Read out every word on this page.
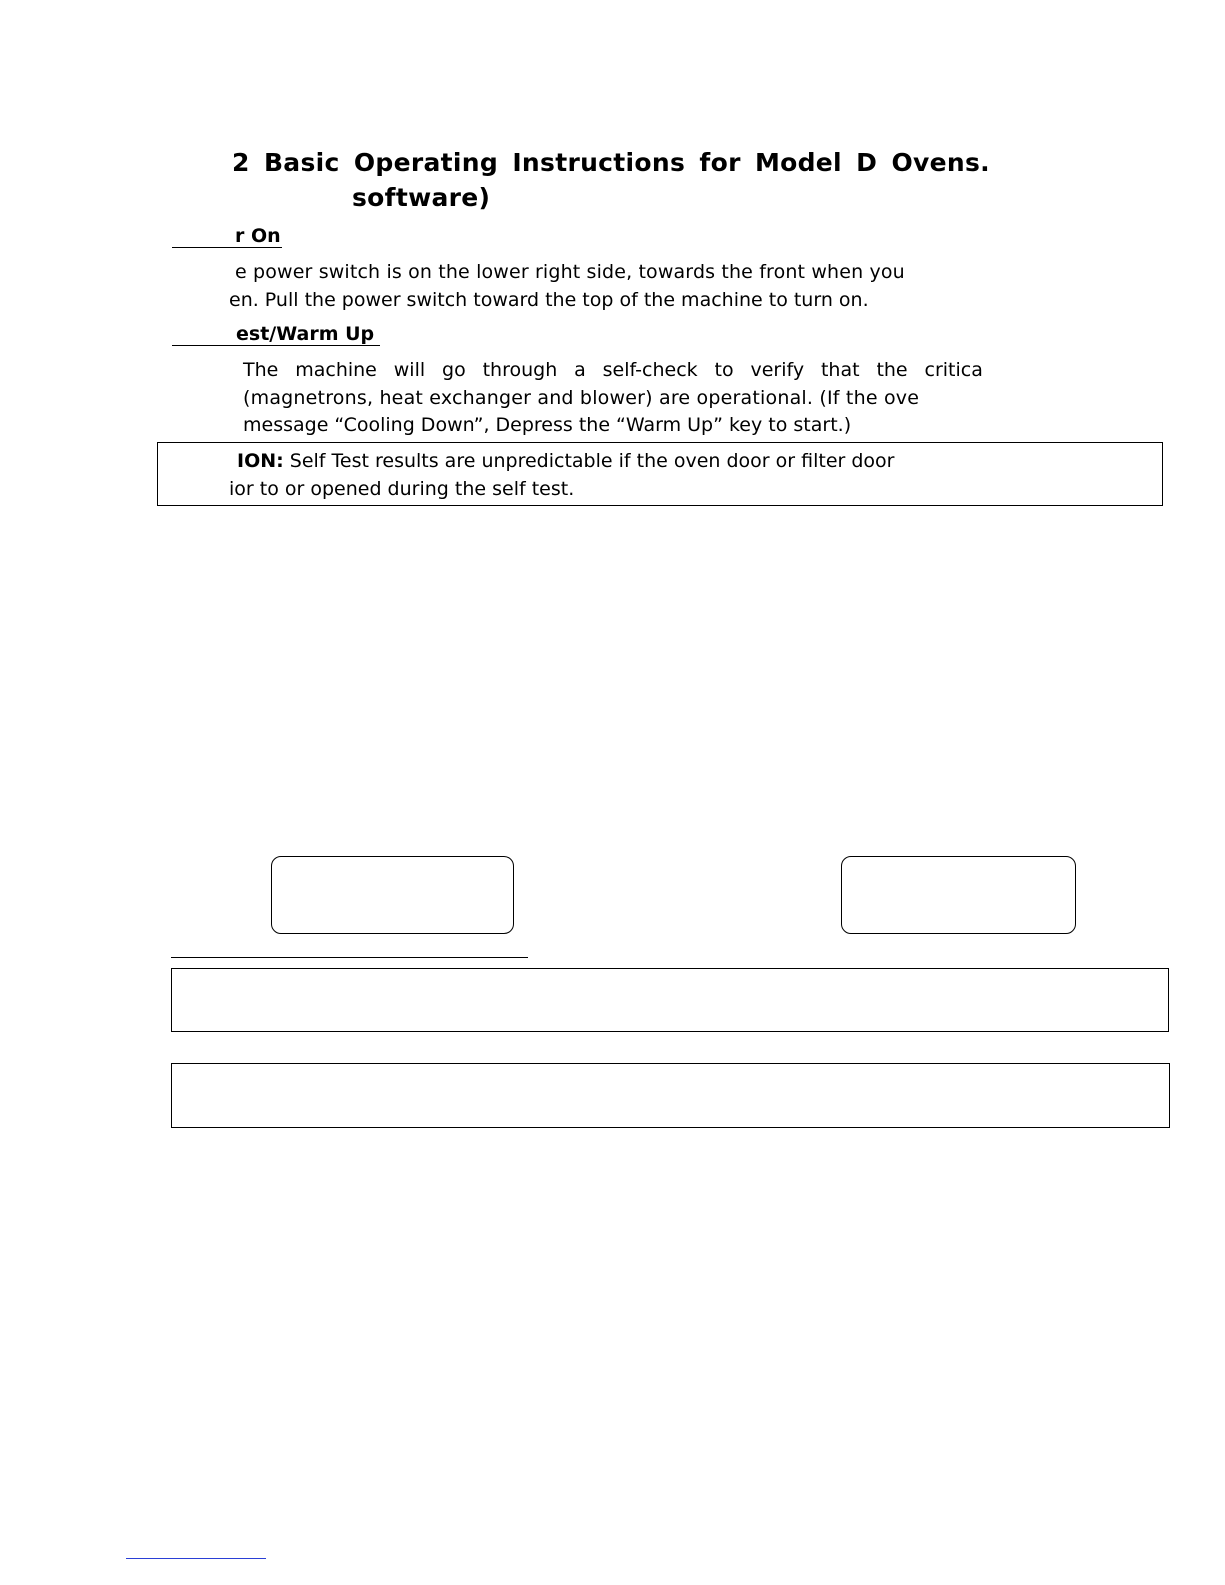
2 Basic Operating Instructions for Model D Ovens.
software)
r On
e power switch is on the lower right side, towards the front when you
en. Pull the power switch toward the top of the machine to turn on.
est/Warm Up
The machine will go through a self-check to verify that the critica
(magnetrons, heat exchanger and blower) are operational. (If the ove
message “Cooling Down”, Depress the “Warm Up” key to start.)
ION: Self Test results are unpredictable if the oven door or filter door
ior to or opened during the self test.
